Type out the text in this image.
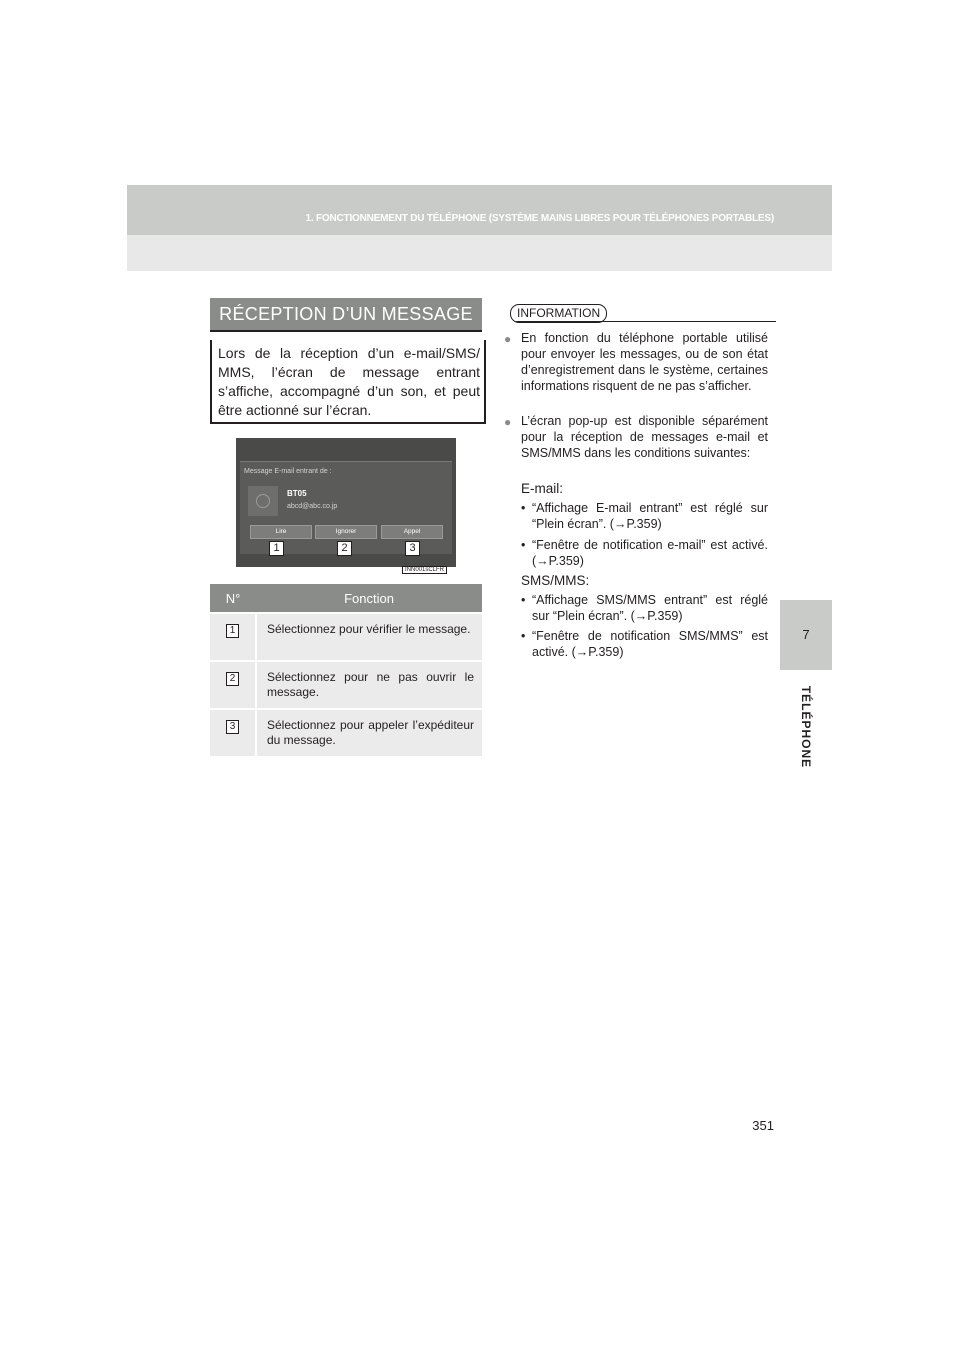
1. FONCTIONNEMENT DU TÉLÉPHONE (SYSTÈME MAINS LIBRES POUR TÉLÉPHONES PORTABLES)
7
TÉLÉPHONE
RÉCEPTION D’UN MESSAGE
Lors de la réception d’un e-mail/SMS/ MMS, l’écran de message entrant s’affiche, accompagné d’un son, et peut être actionné sur l’écran.
Message E-mail entrant de :
BT05
abcd@abc.co.jp
Lire	Ignorer	Appel
1	2	3
INN001sCLFR
N°	Fonction
1	Sélectionnez pour vérifier le message.

2	Sélectionnez pour ne pas ouvrir le message.

3	Sélectionnez pour appeler l’expéditeur du message.
INFORMATION
● En fonction du téléphone portable utilisé pour envoyer les messages, ou de son état d’enregistrement dans le système, certaines informations risquent de ne pas s’afficher.
● L’écran pop-up est disponible séparément pour la réception de messages e-mail et SMS/MMS dans les conditions suivantes:
E-mail:
• “Affichage E-mail entrant” est réglé sur “Plein écran”. (→P.359)
• “Fenêtre de notification e-mail” est activé. (→P.359)
SMS/MMS:
• “Affichage SMS/MMS entrant” est réglé sur “Plein écran”. (→P.359)
• “Fenêtre de notification SMS/MMS” est activé. (→P.359)
351
